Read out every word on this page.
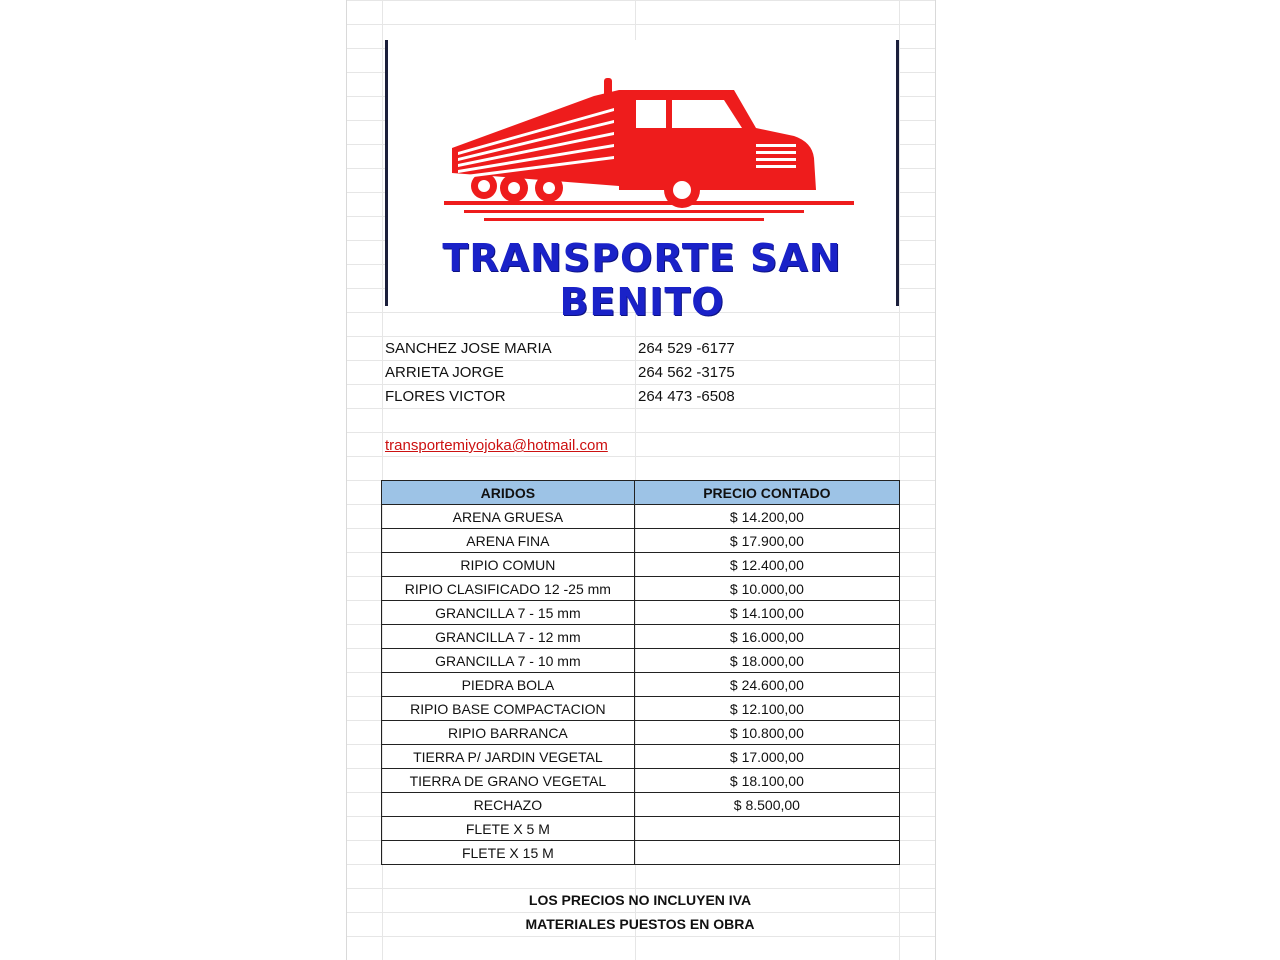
TRANSPORTE SAN BENITO
SANCHEZ JOSE MARIA	264 529 -6177
ARRIETA JORGE	264 562 -3175
FLORES VICTOR	264 473 -6508
transportemiyojoka@hotmail.com
ARIDOS	PRECIO CONTADO
ARENA GRUESA	$ 14.200,00
ARENA FINA	$ 17.900,00
RIPIO COMUN	$ 12.400,00
RIPIO CLASIFICADO 12 -25 mm	$ 10.000,00
GRANCILLA 7 - 15 mm	$ 14.100,00
GRANCILLA 7 - 12 mm	$ 16.000,00
GRANCILLA 7 - 10 mm	$ 18.000,00
PIEDRA BOLA	$ 24.600,00
RIPIO BASE COMPACTACION	$ 12.100,00
RIPIO BARRANCA	$ 10.800,00
TIERRA P/ JARDIN VEGETAL	$ 17.000,00
TIERRA DE GRANO VEGETAL	$ 18.100,00
RECHAZO	$ 8.500,00
FLETE X 5 M	
FLETE X 15 M	
LOS PRECIOS NO INCLUYEN IVA
MATERIALES PUESTOS EN OBRA
